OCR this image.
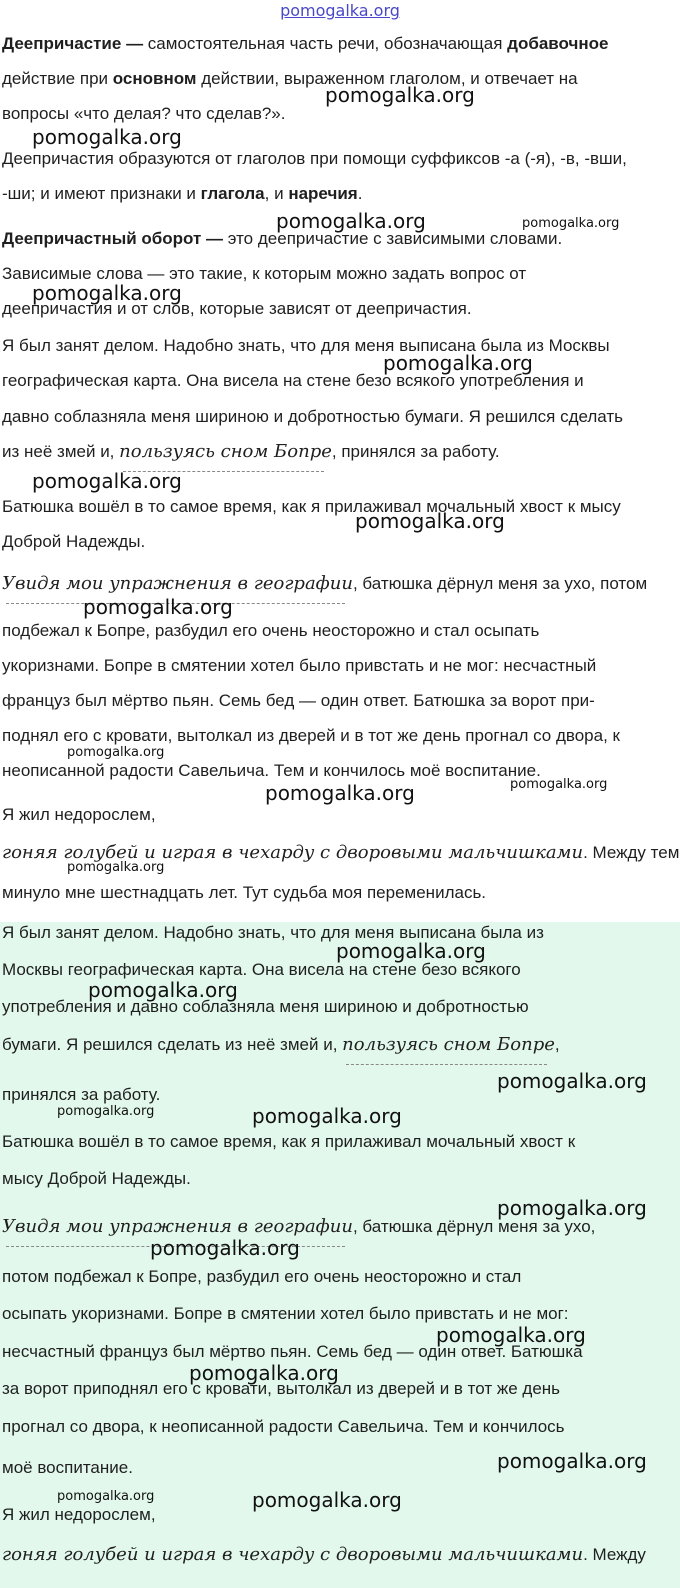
pomogalka.org

Деепричастие — самостоятельная часть речи, обозначающая добавочное

действие при основном действии, выраженном глаголом, и отвечает на

вопросы «что делая? что сделав?».

Деепричастия образуются от глаголов при помощи суффиксов -а (-я), -в, -вши,

-ши; и имеют признаки и глагола, и наречия.

Деепричастный оборот — это деепричастие с зависимыми словами.

Зависимые слова — это такие, к которым можно задать вопрос от

деепричастия и от слов, которые зависят от деепричастия.

Я был занят делом. Надобно знать, что для меня выписана была из Москвы

географическая карта. Она висела на стене безо всякого употребления и

давно соблазняла меня шириною и добротностью бумаги. Я решился сделать

из неё змей и, пользуясь сном Бопре, принялся за работу.

Батюшка вошёл в то самое время, как я прилаживал мочальный хвост к мысу

Доброй Надежды.

Увидя мои упражнения в географии, батюшка дёрнул меня за ухо, потом

подбежал к Бопре, разбудил его очень неосторожно и стал осыпать

укоризнами. Бопре в смятении хотел было привстать и не мог: несчастный

француз был мёртво пьян. Семь бед — один ответ. Батюшка за ворот при-

поднял его с кровати, вытолкал из дверей и в тот же день прогнал со двора, к

неописанной радости Савельича. Тем и кончилось моё воспитание.

Я жил недорослем,

гоняя голубей и играя в чехарду с дворовыми мальчишками. Между тем

минуло мне шестнадцать лет. Тут судьба моя переменилась.

Я был занят делом. Надобно знать, что для меня выписана была из

Москвы географическая карта. Она висела на стене безо всякого

употребления и давно соблазняла меня шириною и добротностью

бумаги. Я решился сделать из неё змей и, пользуясь сном Бопре,

принялся за работу.

Батюшка вошёл в то самое время, как я прилаживал мочальный хвост к

мысу Доброй Надежды.

Увидя мои упражнения в географии, батюшка дёрнул меня за ухо,

потом подбежал к Бопре, разбудил его очень неосторожно и стал

осыпать укоризнами. Бопре в смятении хотел было привстать и не мог:

несчастный француз был мёртво пьян. Семь бед — один ответ. Батюшка

за ворот приподнял его с кровати, вытолкал из дверей и в тот же день

прогнал со двора, к неописанной радости Савельича. Тем и кончилось

моё воспитание.

Я жил недорослем,

гоняя голубей и играя в чехарду с дворовыми мальчишками. Между

pomogalka.org
pomogalka.org
pomogalka.org	pomogalka.org
pomogalka.org
pomogalka.org
pomogalka.org
pomogalka.org
pomogalka.org
pomogalka.org
pomogalka.org
pomogalka.org
pomogalka.org
pomogalka.org
pomogalka.org
pomogalka.org
pomogalka.org	pomogalka.org
pomogalka.org
pomogalka.org
pomogalka.org
pomogalka.org
pomogalka.org
pomogalka.org	pomogalka.org
